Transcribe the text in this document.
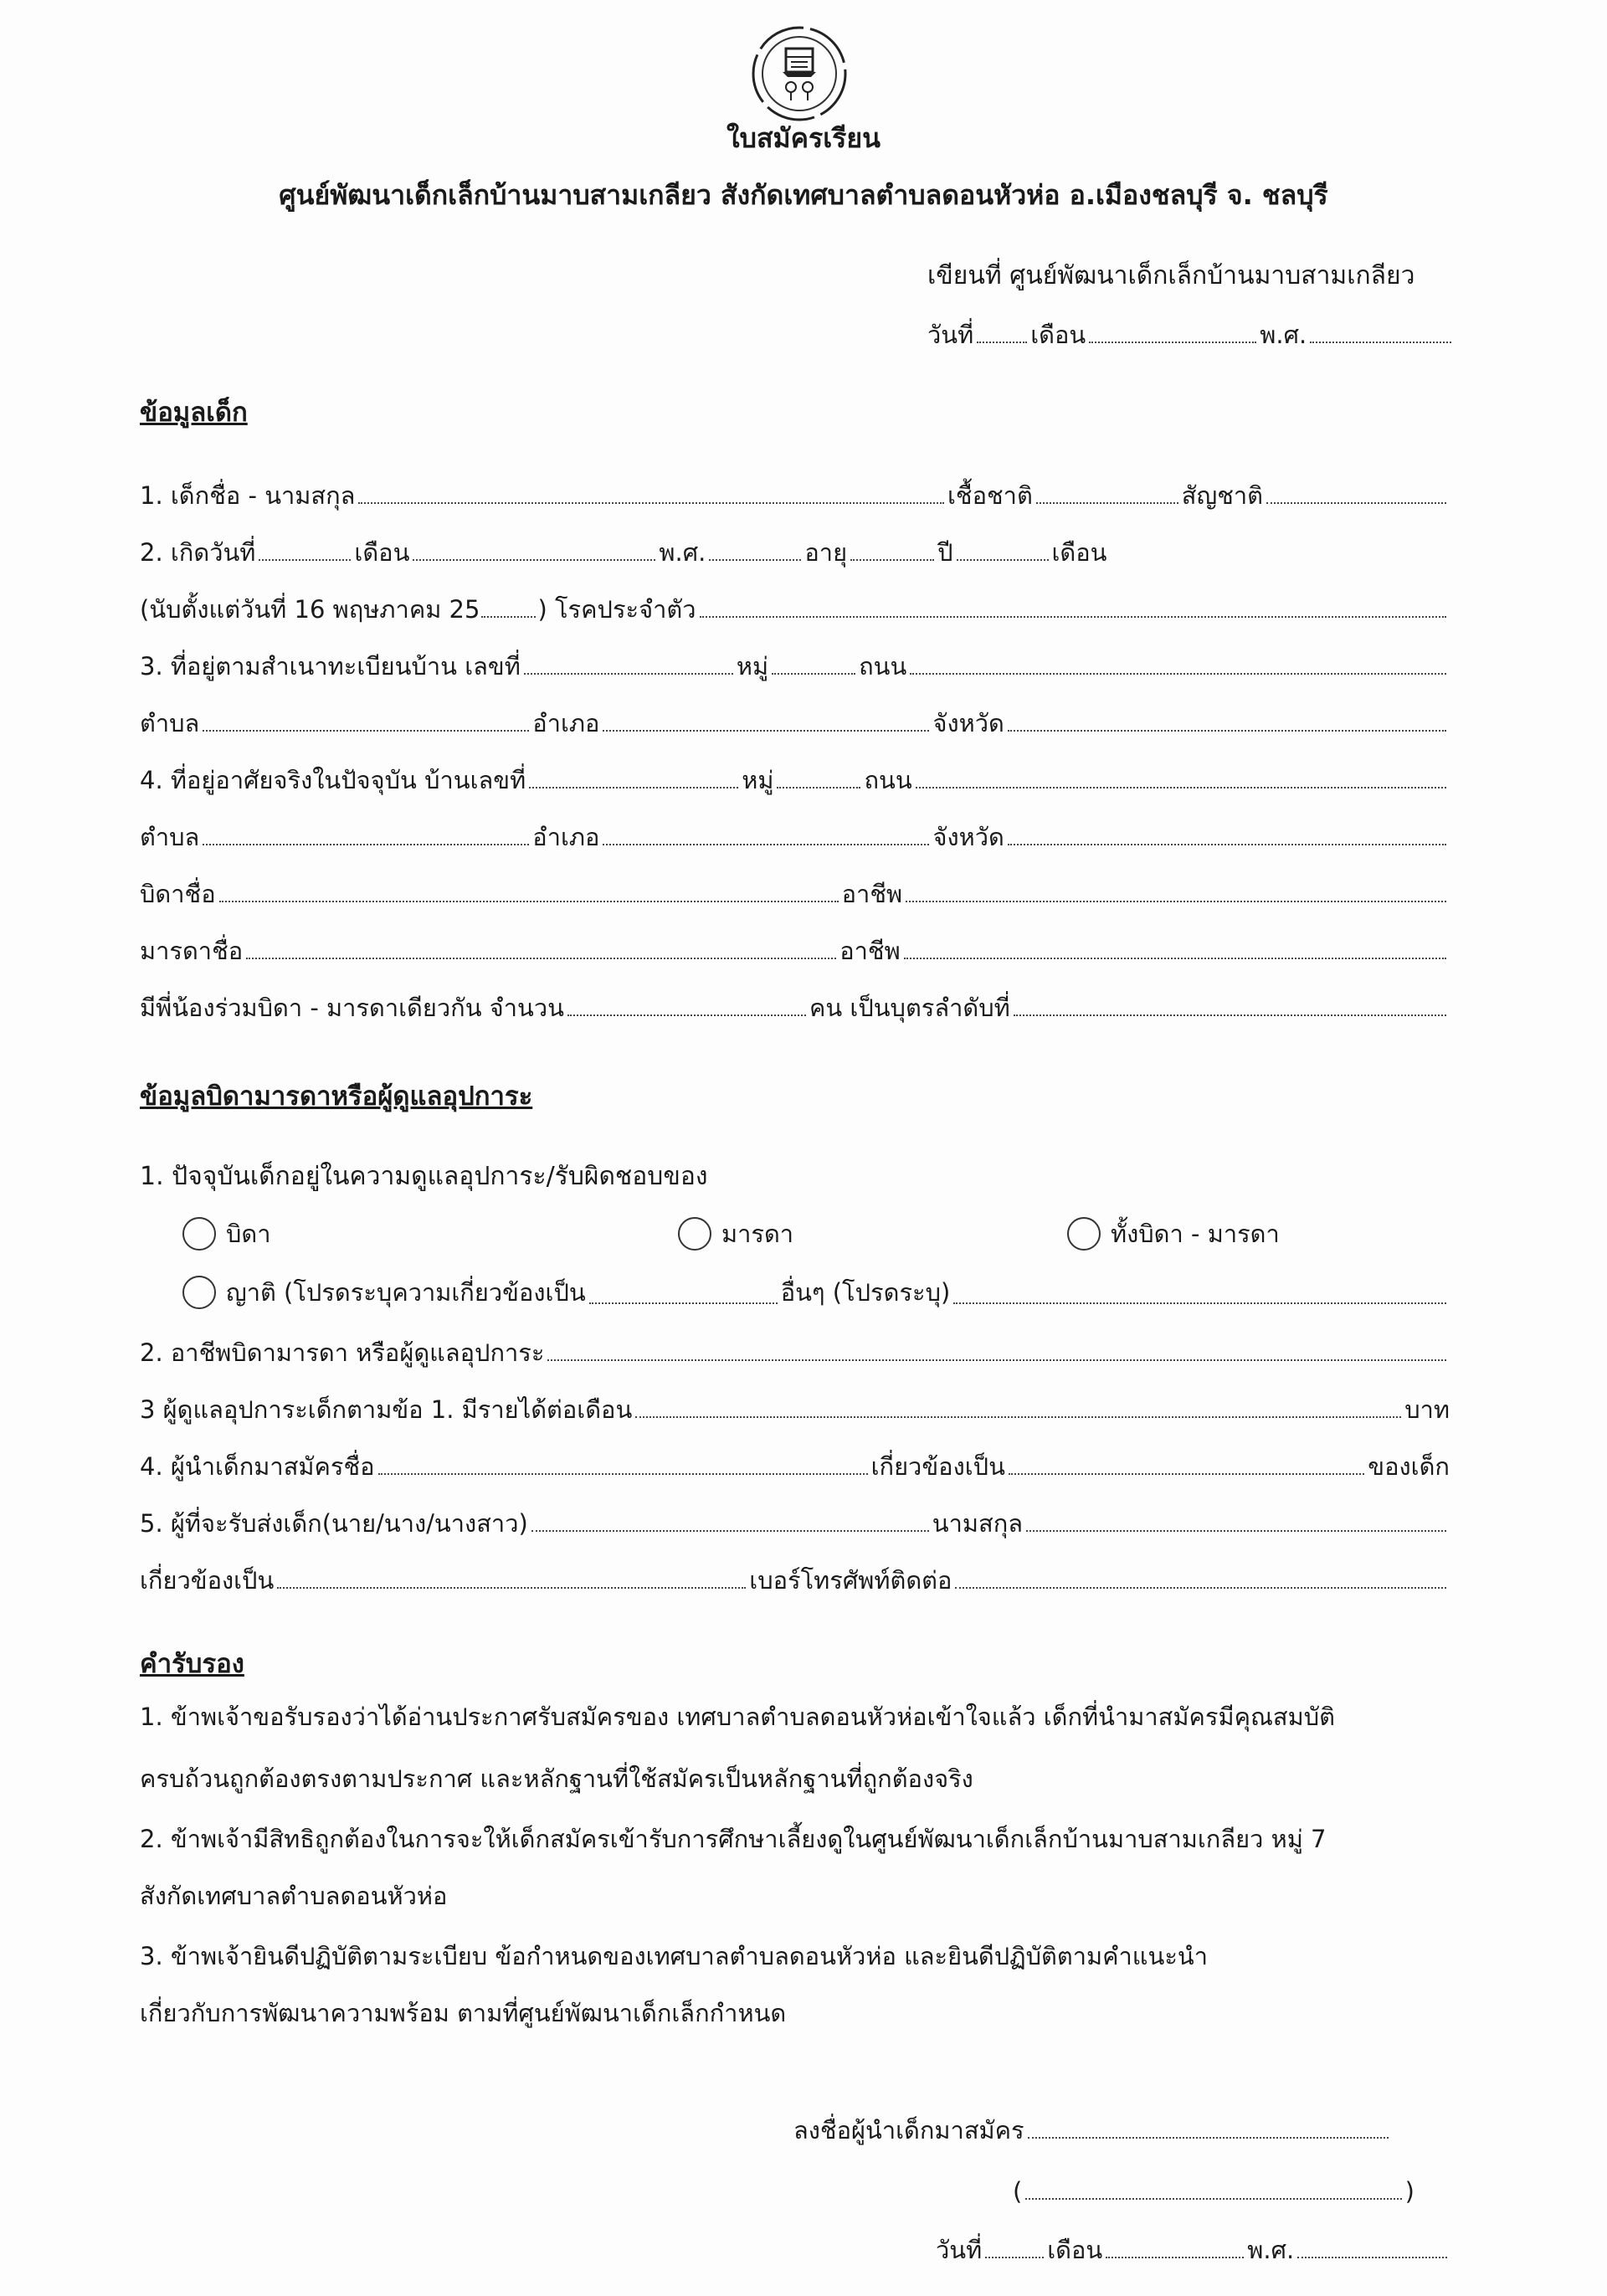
ใบสมัครเรียน
ศูนย์พัฒนาเด็กเล็กบ้านมาบสามเกลียว สังกัดเทศบาลตำบลดอนหัวห่อ อ.เมืองชลบุรี จ. ชลบุรี
เขียนที่ ศูนย์พัฒนาเด็กเล็กบ้านมาบสามเกลียว
วันที่ เดือน	พ.ศ.
ข้อมูลเด็ก
1. เด็กชื่อ - นามสกุล	เชื้อชาติ	สัญชาติ
2. เกิดวันที่	เดือน	พ.ศ.	อายุ	ปี	เดือน
(นับตั้งแต่วันที่ 16 พฤษภาคม 25 ) โรคประจำตัว
3. ที่อยู่ตามสำเนาทะเบียนบ้าน เลขที่	หมู่	ถนน
ตำบล	อำเภอ	จังหวัด
4. ที่อยู่อาศัยจริงในปัจจุบัน บ้านเลขที่	หมู่	ถนน
ตำบล	อำเภอ	จังหวัด
บิดาชื่อ	อาชีพ
มารดาชื่อ	อาชีพ
มีพี่น้องร่วมบิดา - มารดาเดียวกัน จำนวน	คน เป็นบุตรลำดับที่
ข้อมูลบิดามารดาหรือผู้ดูแลอุปการะ
1. ปัจจุบันเด็กอยู่ในความดูแลอุปการะ/รับผิดชอบของ
บิดา	มารดา	ทั้งบิดา - มารดา
ญาติ (โปรดระบุความเกี่ยวข้องเป็น	อื่นๆ (โปรดระบุ)
2. อาชีพบิดามารดา หรือผู้ดูแลอุปการะ
3 ผู้ดูแลอุปการะเด็กตามข้อ 1. มีรายได้ต่อเดือน	บาท
4. ผู้นำเด็กมาสมัครชื่อ	เกี่ยวข้องเป็น	ของเด็ก
5. ผู้ที่จะรับส่งเด็ก(นาย/นาง/นางสาว)	นามสกุล
เกี่ยวข้องเป็น	เบอร์โทรศัพท์ติดต่อ
คำรับรอง
1. ข้าพเจ้าขอรับรองว่าได้อ่านประกาศรับสมัครของ เทศบาลตำบลดอนหัวห่อเข้าใจแล้ว เด็กที่นำมาสมัครมีคุณสมบัติ
ครบถ้วนถูกต้องตรงตามประกาศ และหลักฐานที่ใช้สมัครเป็นหลักฐานที่ถูกต้องจริง
2. ข้าพเจ้ามีสิทธิถูกต้องในการจะให้เด็กสมัครเข้ารับการศึกษาเลี้ยงดูในศูนย์พัฒนาเด็กเล็กบ้านมาบสามเกลียว หมู่ 7
สังกัดเทศบาลตำบลดอนหัวห่อ
3. ข้าพเจ้ายินดีปฏิบัติตามระเบียบ ข้อกำหนดของเทศบาลตำบลดอนหัวห่อ และยินดีปฏิบัติตามคำแนะนำ
เกี่ยวกับการพัฒนาความพร้อม ตามที่ศูนย์พัฒนาเด็กเล็กกำหนด
ลงชื่อผู้นำเด็กมาสมัคร
(	)
วันที่	เดือน	พ.ศ.
